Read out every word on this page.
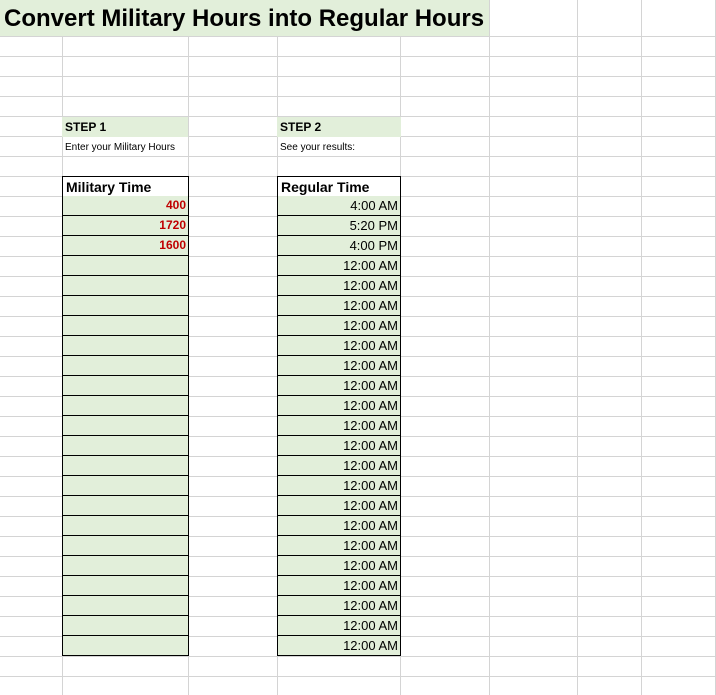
Convert Military Hours into Regular Hours
STEP 1
Enter your Military Hours
STEP 2
See your results:
Military Time	Regular Time
400
1720
1600
4:00 AM
5:20 PM
4:00 PM
12:00 AM
12:00 AM
12:00 AM
12:00 AM
12:00 AM
12:00 AM
12:00 AM
12:00 AM
12:00 AM
12:00 AM
12:00 AM
12:00 AM
12:00 AM
12:00 AM
12:00 AM
12:00 AM
12:00 AM
12:00 AM
12:00 AM
12:00 AM
